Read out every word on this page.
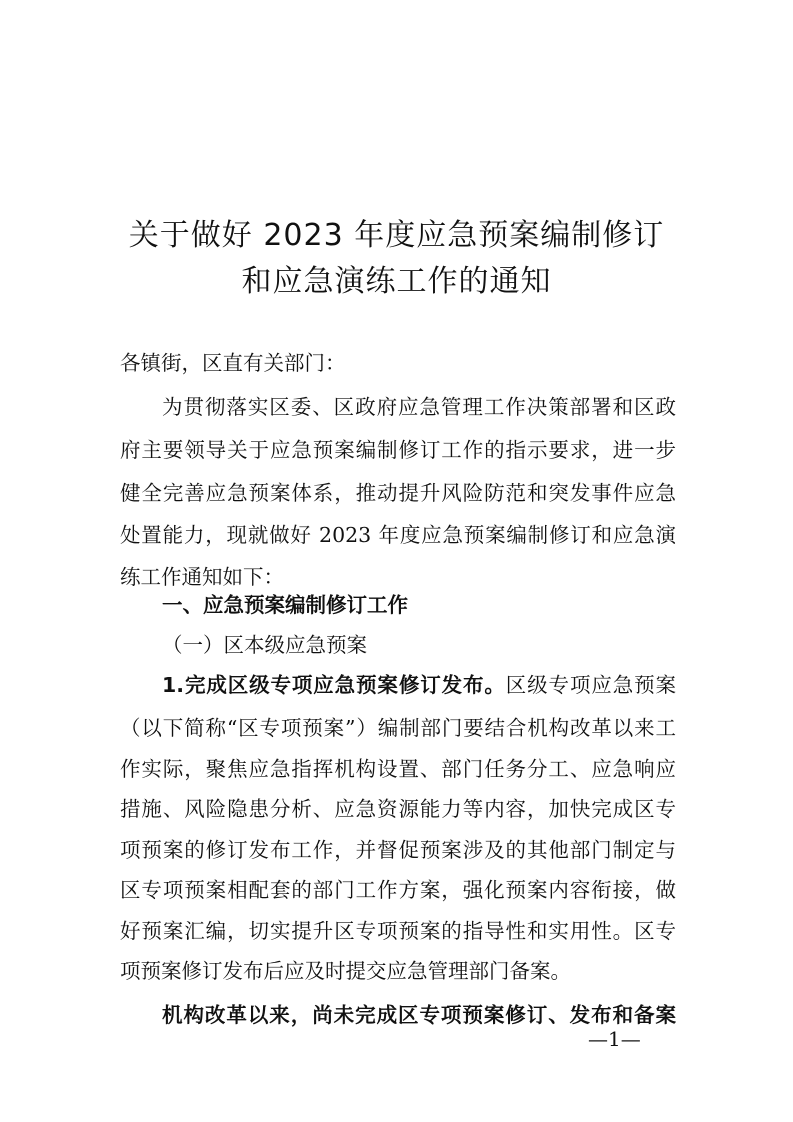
关于做好 2023 年度应急预案编制修订
和应急演练工作的通知
各镇街，区直有关部门：
为贯彻落实区委、区政府应急管理工作决策部署和区政
府主要领导关于应急预案编制修订工作的指示要求，进一步
健全完善应急预案体系，推动提升风险防范和突发事件应急
处置能力，现就做好 2023 年度应急预案编制修订和应急演
练工作通知如下：
一、应急预案编制修订工作
（一）区本级应急预案
1.完成区级专项应急预案修订发布。区级专项应急预案
（以下简称“区专项预案”）编制部门要结合机构改革以来工
作实际，聚焦应急指挥机构设置、部门任务分工、应急响应
措施、风险隐患分析、应急资源能力等内容，加快完成区专
项预案的修订发布工作，并督促预案涉及的其他部门制定与
区专项预案相配套的部门工作方案，强化预案内容衔接，做
好预案汇编，切实提升区专项预案的指导性和实用性。区专
项预案修订发布后应及时提交应急管理部门备案。
机构改革以来，尚未完成区专项预案修订、发布和备案
—1—
